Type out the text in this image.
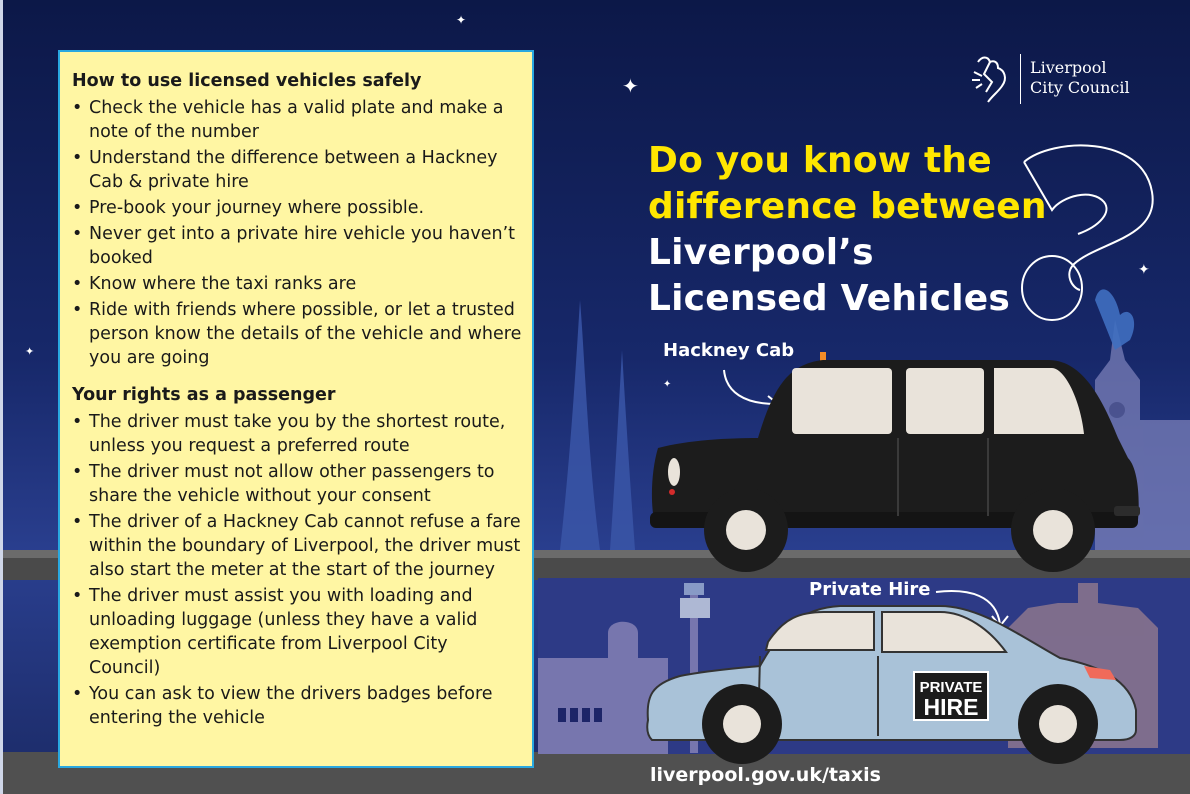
✦
✦
✦
✦
✦
How to use licensed vehicles safely
• Check the vehicle has a valid plate and make a note of the number
• Understand the difference between a Hackney Cab & private hire
• Pre-book your journey where possible.
• Never get into a private hire vehicle you haven’t booked
• Know where the taxi ranks are
• Ride with friends where possible, or let a trusted person know the details of the vehicle and where you are going
Your rights as a passenger
• The driver must take you by the shortest route, unless you request a preferred route
• The driver must not allow other passengers to share the vehicle without your consent
• The driver of a Hackney Cab cannot refuse a fare within the boundary of Liverpool, the driver must also start the meter at the start of the journey
• The driver must assist you with loading and unloading luggage (unless they have a valid exemption certificate from Liverpool City Council)
• You can ask to view the drivers badges before entering the vehicle
Liverpool
City Council
Do you know the
difference between
Liverpool’s
Licensed Vehicles
Hackney Cab
Private Hire
PRIVATE
HIRE
liverpool.gov.uk/taxis
